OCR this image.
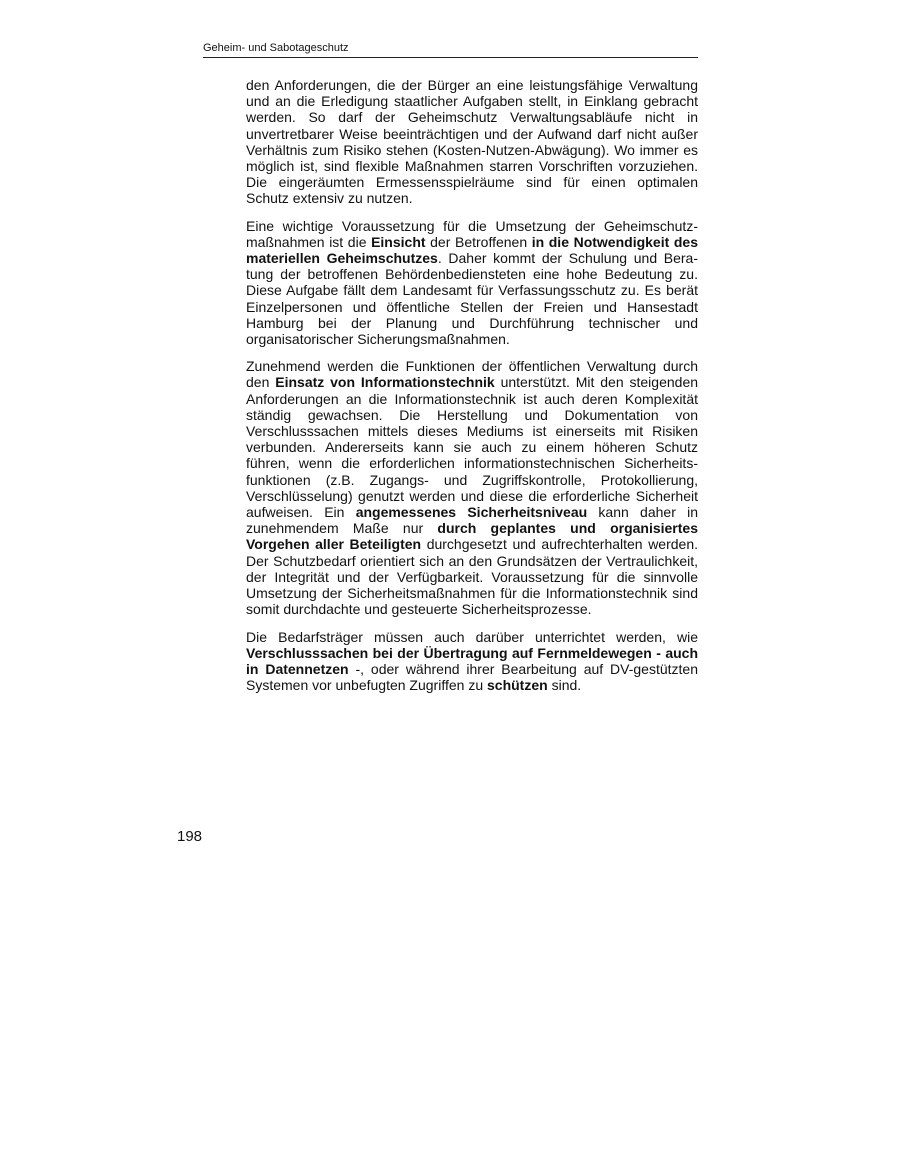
Geheim- und Sabotageschutz

den Anforderungen, die der Bürger an eine leistungsfähige Verwaltung und an die Erledigung staatlicher Aufgaben stellt, in Einklang gebracht werden. So darf der Geheimschutz Verwaltungsabläufe nicht in unvertretbarer Weise beeinträchtigen und der Aufwand darf nicht außer Verhältnis zum Risiko stehen (Kosten-Nutzen-Abwägung). Wo immer es möglich ist, sind flexible Maßnahmen starren Vorschriften vorzuziehen. Die eingeräumten Ermessensspielräume sind für einen optimalen Schutz extensiv zu nutzen.

Eine wichtige Voraussetzung für die Umsetzung der Geheimschutzmaßnahmen ist die Einsicht der Betroffenen in die Notwendigkeit des materiellen Geheimschutzes. Daher kommt der Schulung und Beratung der betroffenen Behördenbediensteten eine hohe Bedeutung zu. Diese Aufgabe fällt dem Landesamt für Verfassungsschutz zu. Es berät Einzelpersonen und öffentliche Stellen der Freien und Hansestadt Hamburg bei der Planung und Durchführung technischer und organisatorischer Sicherungsmaßnahmen.

Zunehmend werden die Funktionen der öffentlichen Verwaltung durch den Einsatz von Informationstechnik unterstützt. Mit den steigenden Anforderungen an die Informationstechnik ist auch deren Komplexität ständig gewachsen. Die Herstellung und Dokumentation von Verschlusssachen mittels dieses Mediums ist einerseits mit Risiken verbunden. Andererseits kann sie auch zu einem höheren Schutz führen, wenn die erforderlichen informationstechnischen Sicherheitsfunktionen (z.B. Zugangs- und Zugriffskontrolle, Protokollierung, Verschlüsselung) genutzt werden und diese die erforderliche Sicherheit aufweisen. Ein angemessenes Sicherheitsniveau kann daher in zunehmendem Maße nur durch geplantes und organisiertes Vorgehen aller Beteiligten durchgesetzt und aufrechterhalten werden. Der Schutzbedarf orientiert sich an den Grundsätzen der Vertraulichkeit, der Integrität und der Verfügbarkeit. Voraussetzung für die sinnvolle Umsetzung der Sicherheitsmaßnahmen für die Informationstechnik sind somit durchdachte und gesteuerte Sicherheitsprozesse.

Die Bedarfsträger müssen auch darüber unterrichtet werden, wie Verschlusssachen bei der Übertragung auf Fernmeldewegen - auch in Datennetzen -, oder während ihrer Bearbeitung auf DV-gestützten Systemen vor unbefugten Zugriffen zu schützen sind.

198
